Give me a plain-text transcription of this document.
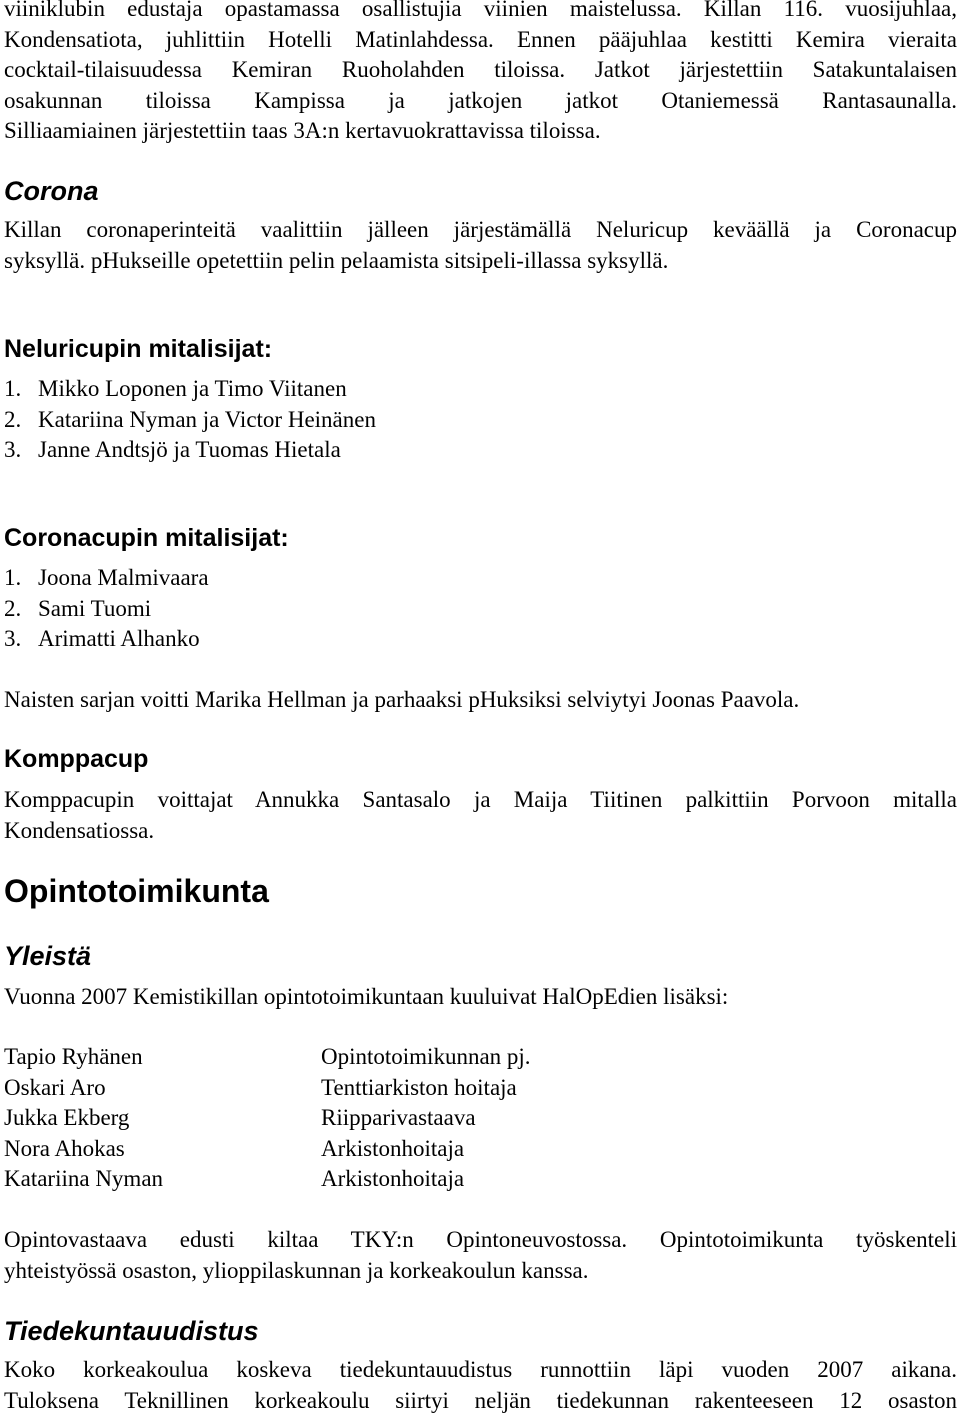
viiniklubin edustaja opastamassa osallistujia viinien maistelussa. Killan 116. vuosijuhlaa,
Kondensatiota, juhlittiin Hotelli Matinlahdessa. Ennen pääjuhlaa kestitti Kemira vieraita
cocktail-tilaisuudessa Kemiran Ruoholahden tiloissa. Jatkot järjestettiin Satakuntalaisen
osakunnan tiloissa Kampissa ja jatkojen jatkot Otaniemessä Rantasaunalla.
Silliaamiainen järjestettiin taas 3A:n kertavuokrattavissa tiloissa.
Corona
Killan coronaperinteitä vaalittiin jälleen järjestämällä Neluricup keväällä ja Coronacup
syksyllä. pHukseille opetettiin pelin pelaamista sitsipeli-illassa syksyllä.
Neluricupin mitalisijat:
1. Mikko Loponen ja Timo Viitanen
2. Katariina Nyman ja Victor Heinänen
3. Janne Andtsjö ja Tuomas Hietala
Coronacupin mitalisijat:
1. Joona Malmivaara
2. Sami Tuomi
3. Arimatti Alhanko
Naisten sarjan voitti Marika Hellman ja parhaaksi pHuksiksi selviytyi Joonas Paavola.
Komppacup
Komppacupin voittajat Annukka Santasalo ja Maija Tiitinen palkittiin Porvoon mitalla
Kondensatiossa.
Opintotoimikunta
Yleistä
Vuonna 2007 Kemistikillan opintotoimikuntaan kuuluivat HalOpEdien lisäksi:
Tapio Ryhänen	Opintotoimikunnan pj.
Oskari Aro	Tenttiarkiston hoitaja
Jukka Ekberg	Riipparivastaava
Nora Ahokas	Arkistonhoitaja
Katariina Nyman	Arkistonhoitaja
Opintovastaava edusti kiltaa TKY:n Opintoneuvostossa. Opintotoimikunta työskenteli
yhteistyössä osaston, ylioppilaskunnan ja korkeakoulun kanssa.
Tiedekuntauudistus
Koko korkeakoulua koskeva tiedekuntauudistus runnottiin läpi vuoden 2007 aikana.
Tuloksena Teknillinen korkeakoulu siirtyi neljän tiedekunnan rakenteeseen 12 osaston
